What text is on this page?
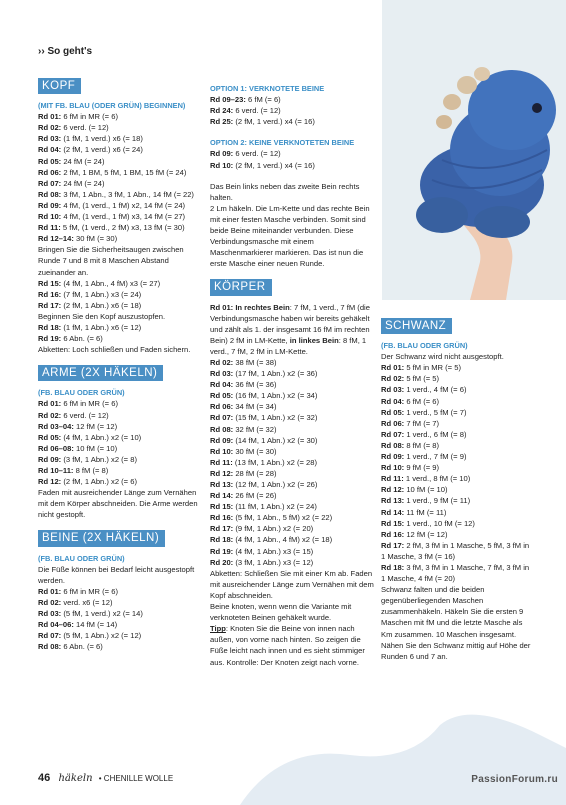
›› So geht's
KOPF

(MIT FB. BLAU (ODER GRÜN) BEGINNEN)

Rd 01: 6 fM in MR (= 6)

Rd 02: 6 verd. (= 12)

Rd 03: (1 fM, 1 verd.) x6 (= 18)

Rd 04: (2 fM, 1 verd.) x6 (= 24)

Rd 05: 24 fM (= 24)

Rd 06: 2 fM, 1 BM, 5 fM, 1 BM, 15 fM (= 24)

Rd 07: 24 fM (= 24)

Rd 08: 3 fM, 1 Abn., 3 fM, 1 Abn., 14 fM (= 22)

Rd 09: 4 fM, (1 verd., 1 fM) x2, 14 fM (= 24)

Rd 10: 4 fM, (1 verd., 1 fM) x3, 14 fM (= 27)

Rd 11: 5 fM, (1 verd., 2 fM) x3, 13 fM (= 30)

Rd 12–14: 30 fM (= 30)

Bringen Sie die Sicherheitsaugen zwischen Runde 7 und 8 mit 8 Maschen Abstand zueinander an.

Rd 15: (4 fM, 1 Abn., 4 fM) x3 (= 27)

Rd 16: (7 fM, 1 Abn.) x3 (= 24)

Rd 17: (2 fM, 1 Abn.) x6 (= 18)

Beginnen Sie den Kopf auszustopfen.

Rd 18: (1 fM, 1 Abn.) x6 (= 12)

Rd 19: 6 Abn. (= 6)

Abketten: Loch schließen und Faden sichern.

ARME (2X HÄKELN)

(FB. BLAU ODER GRÜN)

Rd 01: 6 fM in MR (= 6)

Rd 02: 6 verd. (= 12)

Rd 03–04: 12 fM (= 12)

Rd 05: (4 fM, 1 Abn.) x2 (= 10)

Rd 06–08: 10 fM (= 10)

Rd 09: (3 fM, 1 Abn.) x2 (= 8)

Rd 10–11: 8 fM (= 8)

Rd 12: (2 fM, 1 Abn.) x2 (= 6)

Faden mit ausreichender Länge zum Vernähen mit dem Körper abschneiden. Die Arme werden nicht gestopft.

BEINE (2X HÄKELN)

(FB. BLAU ODER GRÜN)

Die Füße können bei Bedarf leicht ausgestopft werden.

Rd 01: 6 fM in MR (= 6)

Rd 02: verd. x6 (= 12)

Rd 03: (5 fM, 1 verd.) x2 (= 14)

Rd 04–06: 14 fM (= 14)

Rd 07: (5 fM, 1 Abn.) x2 (= 12)

Rd 08: 6 Abn. (= 6)

OPTION 1: VERKNOTETE BEINE

Rd 09–23: 6 fM (= 6)

Rd 24: 6 verd. (= 12)

Rd 25: (2 fM, 1 verd.) x4 (= 16)

OPTION 2: KEINE VERKNOTETEN BEINE

Rd 09: 6 verd. (= 12)

Rd 10: (2 fM, 1 verd.) x4 (= 16)

Das Bein links neben das zweite Bein rechts halten.

2 Lm häkeln. Die Lm-Kette und das rechte Bein mit einer festen Masche verbinden. Somit sind beide Beine miteinander verbunden. Diese Verbindungsmasche mit einem Maschenmarkierer markieren. Das ist nun die erste Masche einer neuen Runde.

KÖRPER

Rd 01: In rechtes Bein: 7 fM, 1 verd., 7 fM (die Verbindungsmasche haben wir bereits gehäkelt und zählt als 1. der insgesamt 16 fM im rechten Bein) 2 fM in LM-Kette, in linkes Bein: 8 fM, 1 verd., 7 fM, 2 fM in LM-Kette.

Rd 02: 38 fM (= 38)

Rd 03: (17 fM, 1 Abn.) x2 (= 36)

Rd 04: 36 fM (= 36)

Rd 05: (16 fM, 1 Abn.) x2 (= 34)

Rd 06: 34 fM (= 34)

Rd 07: (15 fM, 1 Abn.) x2 (= 32)

Rd 08: 32 fM (= 32)

Rd 09: (14 fM, 1 Abn.) x2 (= 30)

Rd 10: 30 fM (= 30)

Rd 11: (13 fM, 1 Abn.) x2 (= 28)

Rd 12: 28 fM (= 28)

Rd 13: (12 fM, 1 Abn.) x2 (= 26)

Rd 14: 26 fM (= 26)

Rd 15: (11 fM, 1 Abn.) x2 (= 24)

Rd 16: (5 fM, 1 Abn., 5 fM) x2 (= 22)

Rd 17: (9 fM, 1 Abn.) x2 (= 20)

Rd 18: (4 fM, 1 Abn., 4 fM) x2 (= 18)

Rd 19: (4 fM, 1 Abn.) x3 (= 15)

Rd 20: (3 fM, 1 Abn.) x3 (= 12)

Abketten: Schließen Sie mit einer Km ab. Faden mit ausreichender Länge zum Vernähen mit dem Kopf abschneiden.

Beine knoten, wenn wenn die Variante mit verknoteten Beinen gehäkelt wurde.

Tipp: Knoten Sie die Beine von innen nach außen, von vorne nach hinten. So zeigen die Füße leicht nach innen und es sieht stimmiger aus. Kontrolle: Der Knoten zeigt nach vorne.

SCHWANZ

(FB. BLAU ODER GRÜN)

Der Schwanz wird nicht ausgestopft.

Rd 01: 5 fM in MR (= 5)

Rd 02: 5 fM (= 5)

Rd 03: 1 verd., 4 fM (= 6)

Rd 04: 6 fM (= 6)

Rd 05: 1 verd., 5 fM (= 7)

Rd 06: 7 fM (= 7)

Rd 07: 1 verd., 6 fM (= 8)

Rd 08: 8 fM (= 8)

Rd 09: 1 verd., 7 fM (= 9)

Rd 10: 9 fM (= 9)

Rd 11: 1 verd., 8 fM (= 10)

Rd 12: 10 fM (= 10)

Rd 13: 1 verd., 9 fM (= 11)

Rd 14: 11 fM (= 11)

Rd 15: 1 verd., 10 fM (= 12)

Rd 16: 12 fM (= 12)

Rd 17: 2 fM, 3 fM in 1 Masche, 5 fM, 3 fM in 1 Masche, 3 fM (= 16)

Rd 18: 3 fM, 3 fM in 1 Masche, 7 fM, 3 fM in 1 Masche, 4 fM (= 20)

Schwanz falten und die beiden gegenüberliegenden Maschen zusammenhäkeln. Häkeln Sie die ersten 9 Maschen mit fM und die letzte Masche als Km zusammen. 10 Maschen insgesamt.

Nähen Sie den Schwanz mittig auf Höhe der Runden 6 und 7 an.

46 häkeln • CHENILLE WOLLE	PassionForum.ru
